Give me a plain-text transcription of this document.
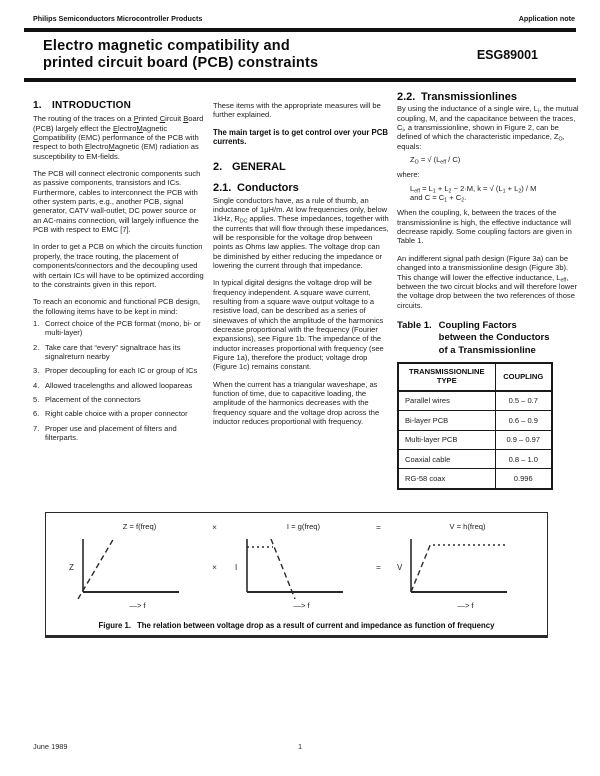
Philips Semiconductors Microcontroller Products	Application note
Electro magnetic compatibility and
printed circuit board (PCB) constraints	ESG89001
1.	INTRODUCTION

The routing of the traces on a Printed Circuit Board (PCB) largely effect the ElectroMagnetic Compatibility (EMC) performance of the PCB with respect to both ElectroMagnetic (EM) radiation as susceptibility to EM-fields.

The PCB will connect electronic components such as passive components, transistors and ICs. Furthermore, cables to interconnect the PCB with other system parts, e.g., another PCB, signal generator, CATV wall-outlet, DC power source or an AC-mains connection, will largely influence the PCB with respect to EMC [7].

In order to get a PCB on which the circuits function properly, the trace routing, the placement of components/connectors and the decoupling used with certain ICs will have to be optimized according to the constraints given in this report.

To reach an economic and functional PCB design, the following items have to be kept in mind:

1. Correct choice of the PCB format (mono, bi- or multi-layer)
2. Take care that “every” signaltrace has its signalreturn nearby
3. Proper decoupling for each IC or group of ICs
4. Allowed tracelengths and allowed loopareas
5. Placement of the connectors
6. Right cable choice with a proper connector
7. Proper use and placement of filters and filterparts.

These items with the appropriate measures will be further explained.

The main target is to get control over your PCB currents.

2. GENERAL
2.1. Conductors

Single conductors have, as a rule of thumb, an inductance of 1μH/m. At low frequencies only, below 1kHz, $R_{DC}$ applies. These impedances, together with the currents that will flow through these impedances, will be responsible for the voltage drop between points as Ohms law applies. The voltage drop can be diminished by either reducing the impedance or lowering the current through that impedance.

In typical digital designs the voltage drop will be frequency independent. A square wave current, resulting from a square wave output voltage to a resistive load, can be described as a series of sinewaves of which the amplitude of the harmonics decrease proportional with the frequency (Fourier expansions), see Figure 1b. The impedance of the inductor increases proportional with frequency (see Figure 1a), therefore the product; voltage drop (Figure 1c) remains constant.

When the current has a triangular waveshape, as function of time, due to capacitive loading, the amplitude of the harmonics decreases with the frequency square and the voltage drop across the inductor reduces proportional with frequency.

2.2. Transmissionlines

By using the inductance of a single wire, $L_i$, the mutual coupling, M, and the capacitance between the traces, $C_i$, a transmissionline, shown in Figure 2, can be defined of which the characteristic impedance, $Z_O$, equals:

$Z_O$ = √ $(L_{eff} / C)$
where:
$L_{eff} = L_1 + L_2 - 2\cdot M$, k = √ $(L_1 + L_2) / M$
and $C = C_1 + C_2$.

When the coupling, k, between the traces of the transmissionline is high, the effective inductance will decrease rapidly. Some coupling factors are given in Table 1.

An indifferent signal path design (Figure 3a) can be changed into a transmissionline design (Figure 3b). This change will lower the effective inductance, $L_{eff}$, between the two circuit blocks and will therefore lower the voltage drop between the two references of those circuits.

Table 1. Coupling Factors
between the Conductors
of a Transmissionline
TRANSMISSIONLINE TYPE	COUPLING
Parallel wires	0.5 – 0.7
Bi-layer PCB	0.6 – 0.9
Multi-layer PCB	0.9 – 0.97
Coaxial cable	0.8 – 1.0
RG-58 coax	0.996
Z = f(freq)	×	I = g(freq)	=	V = h(freq)
Z	×	I	=	V
—> f	—> f	—> f
Figure 1. The relation between voltage drop as a result of current and impedance as function of frequency
June 1989	1
